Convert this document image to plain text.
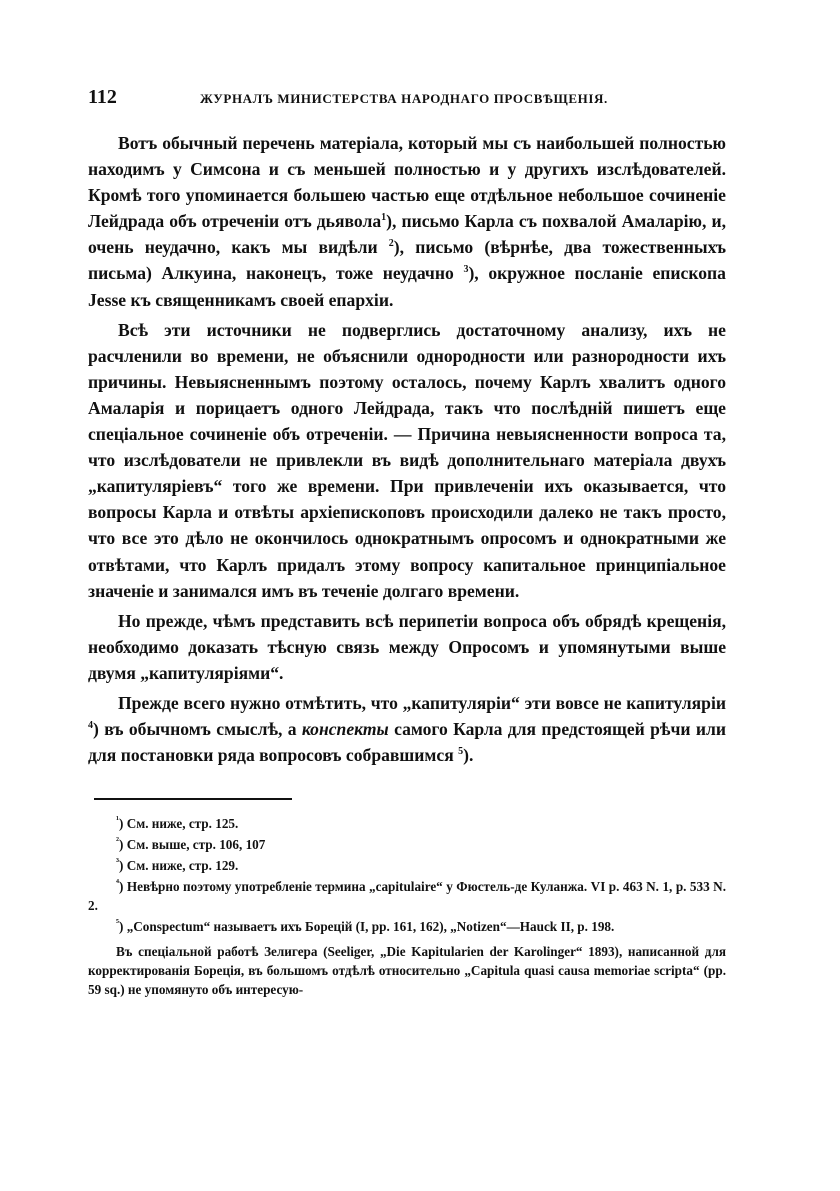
112	ЖУРНАЛЪ МИНИСТЕРСТВА НАРОДНАГО ПРОСВѢЩЕНІЯ.

Вотъ обычный перечень матеріала, который мы съ наибольшей полностью находимъ у Симсона и съ меньшей полностью и у другихъ изслѣдователей. Кромѣ того упоминается большею частью еще отдѣльное небольшое сочиненіе Лейдрада объ отреченіи отъ дьявола$^1$), письмо Карла съ похвалой Амаларію, и, очень неудачно, какъ мы видѣли $^2$), письмо (вѣрнѣе, два тожественныхъ письма) Алкуина, наконецъ, тоже неудачно $^3$), окружное посланіе епископа Jesse къ священникамъ своей епархіи.

Всѣ эти источники не подверглись достаточному анализу, ихъ не расчленили во времени, не объяснили однородности или разнородности ихъ причины. Невыясненнымъ поэтому осталось, почему Карлъ хвалитъ одного Амаларія и порицаетъ одного Лейдрада, такъ что послѣдній пишетъ еще спеціальное сочиненіе объ отреченіи. — Причина невыясненности вопроса та, что изслѣдователи не привлекли въ видѣ дополнительнаго матеріала двухъ „капитуляріевъ“ того же времени. При привлеченіи ихъ оказывается, что вопросы Карла и отвѣты архіепископовъ происходили далеко не такъ просто, что все это дѣло не окончилось однократнымъ опросомъ и однократными же отвѣтами, что Карлъ придалъ этому вопросу капитальное принципіальное значеніе и занимался имъ въ теченіе долгаго времени.

Но прежде, чѣмъ представить всѣ перипетіи вопроса объ обрядѣ крещенія, необходимо доказать тѣсную связь между Опросомъ и упомянутыми выше двумя „капитуляріями“.

Прежде всего нужно отмѣтить, что „капитуляріи“ эти вовсе не капитуляріи $^4$) въ обычномъ смыслѣ, а конспекты самого Карла для предстоящей рѣчи или для постановки ряда вопросовъ собравшимся $^5$).

$^{^1}$) См. ниже, стр. 125.

$^{^2}$) См. выше, стр. 106, 107

$^{^3}$) См. ниже, стр. 129.

$^{^4}$) Невѣрно поэтому употребленіе термина „capitulaire“ у Фюстель-де Куланжа. VI p. 463 N. 1, p. 533 N. 2.

$^{^5}$) „Conspectum“ называетъ ихъ Борецій (I, pp. 161, 162), „Notizen“—Hauck II, p. 198.

Въ спеціальной работѣ Зелигера (Seeliger, „Die Kapitularien der Karolinger“ 1893), написанной для корректированія Бореція, въ большомъ отдѣлѣ относительно „Capitula quasi causa memoriae scripta“ (pp. 59 sq.) не упомянуто объ интересую-
